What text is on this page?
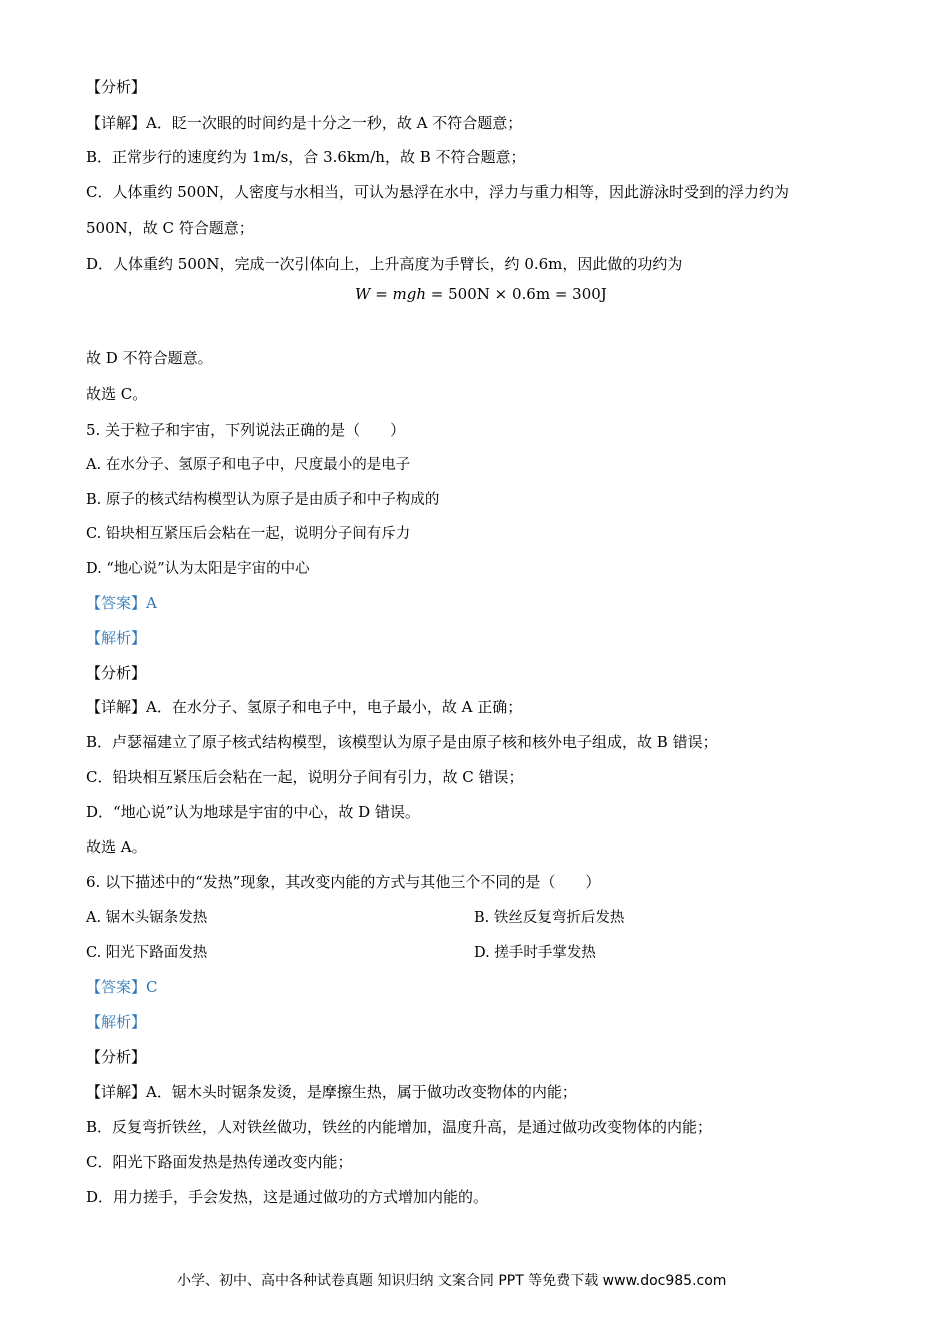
【分析】

【详解】A．眨一次眼的时间约是十分之一秒，故 A 不符合题意；

B．正常步行的速度约为 1m/s，合 3.6km/h，故 B 不符合题意；

C．人体重约 500N，人密度与水相当，可认为悬浮在水中，浮力与重力相等，因此游泳时受到的浮力约为

500N，故 C 符合题意；

D．人体重约 500N，完成一次引体向上，上升高度为手臂长，约 0.6m，因此做的功约为

W = mgh = 500N × 0.6m = 300J

故 D 不符合题意。

故选 C。

5. 关于粒子和宇宙，下列说法正确的是（　　）

A. 在水分子、氢原子和电子中，尺度最小的是电子

B. 原子的核式结构模型认为原子是由质子和中子构成的

C. 铅块相互紧压后会粘在一起，说明分子间有斥力

D. “地心说”认为太阳是宇宙的中心

【答案】A

【解析】

【分析】

【详解】A．在水分子、氢原子和电子中，电子最小，故 A 正确；

B．卢瑟福建立了原子核式结构模型，该模型认为原子是由原子核和核外电子组成，故 B 错误；

C．铅块相互紧压后会粘在一起，说明分子间有引力，故 C 错误；

D．“地心说”认为地球是宇宙的中心，故 D 错误。

故选 A。

6. 以下描述中的“发热”现象，其改变内能的方式与其他三个不同的是（　　）

A. 锯木头锯条发热	B. 铁丝反复弯折后发热

C. 阳光下路面发热	D. 搓手时手掌发热

【答案】C

【解析】

【分析】

【详解】A．锯木头时锯条发烫，是摩擦生热，属于做功改变物体的内能；

B．反复弯折铁丝，人对铁丝做功，铁丝的内能增加，温度升高，是通过做功改变物体的内能；

C．阳光下路面发热是热传递改变内能；

D．用力搓手，手会发热，这是通过做功的方式增加内能的。

小学、初中、高中各种试卷真题 知识归纳 文案合同 PPT 等免费下载 www.doc985.com
